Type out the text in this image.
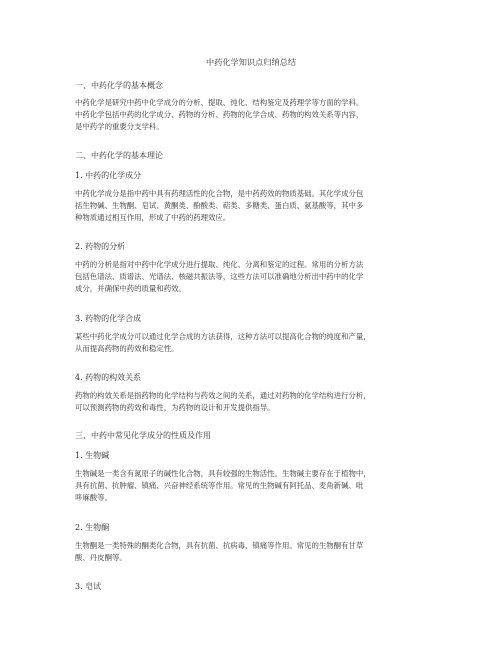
中药化学知识点归纳总结
一、中药化学的基本概念
中药化学是研究中药中化学成分的分析、提取、纯化、结构鉴定及药理学等方面的学科。
中药化学包括中药的化学成分、药物的分析、药物的化学合成、药物的构效关系等内容，
是中药学的重要分支学科。
二、中药化学的基本理论
1. 中药的化学成分
中药化学成分是指中药中具有药理活性的化合物，是中药药效的物质基础。其化学成分包
括生物碱、生物酮、皂试、黄酮类、酚酸类、萜类、多糖类、蛋白质、氨基酸等，其中多
种物质通过相互作用，形成了中药的药理效应。
2. 药物的分析
中药的分析是指对中药中化学成分进行提取、纯化、分离和鉴定的过程。常用的分析方法
包括色谱法、质谱法、光谱法、核磁共振法等，这些方法可以准确地分析出中药中的化学
成分，并确保中药的质量和药效。
3. 药物的化学合成
某些中药化学成分可以通过化学合成的方法获得，这种方法可以提高化合物的纯度和产量，
从而提高药物的药效和稳定性。
4. 药物的构效关系
药物的构效关系是指药物的化学结构与药效之间的关系，通过对药物的化学结构进行分析，
可以预测药物的药效和毒性，为药物的设计和开发提供指导。
三、中药中常见化学成分的性质及作用
1. 生物碱
生物碱是一类含有氮原子的碱性化合物，具有较强的生物活性。生物碱主要存在于植物中，
具有抗菌、抗肿瘤、镇痛、兴奋神经系统等作用。常见的生物碱有阿托品、麦角新碱、吡
哆麻酸等。
2. 生物酮
生物酮是一类特殊的酮类化合物，具有抗菌、抗病毒、镇痛等作用。常见的生物酮有甘草
酸、丹皮酮等。
3. 皂试
